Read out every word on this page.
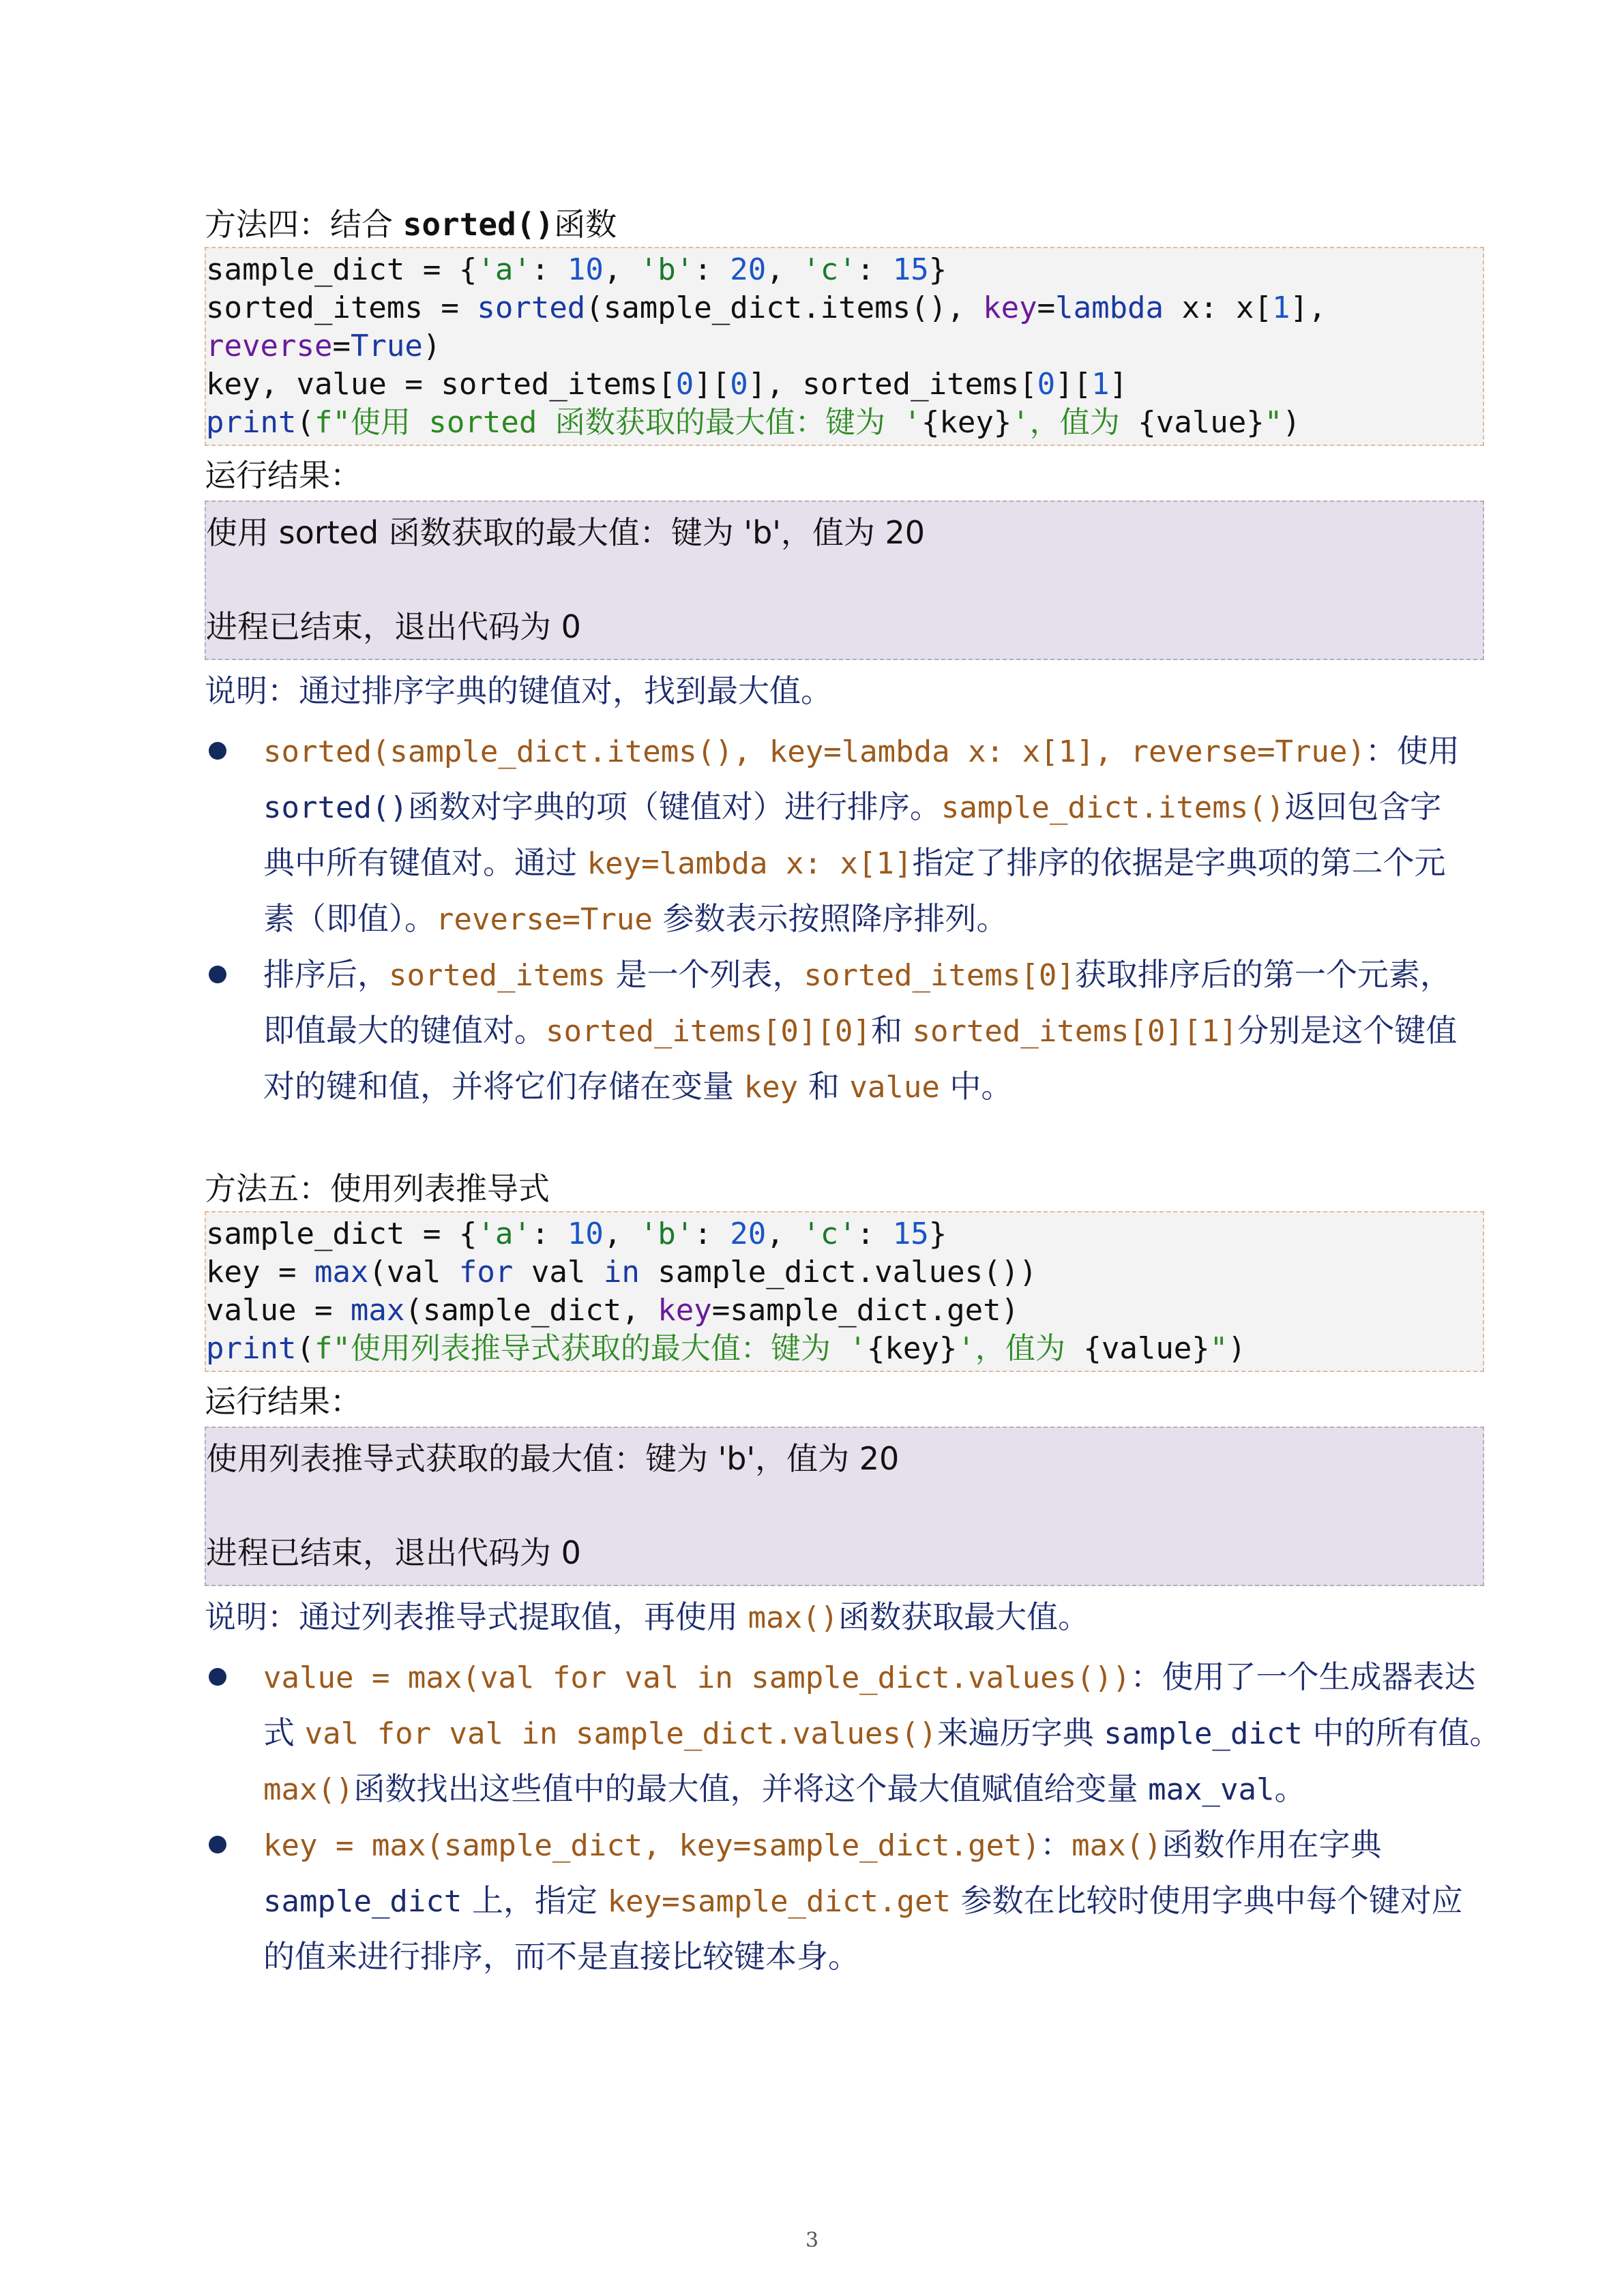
方法四：结合 sorted()函数
sample_dict = {'a': 10, 'b': 20, 'c': 15}
sorted_items = sorted(sample_dict.items(), key=lambda x: x[1],
reverse=True)
key, value = sorted_items[0][0], sorted_items[0][1]
print(f"使用 sorted 函数获取的最大值：键为 '{key}'，值为 {value}")
运行结果：
使用 sorted 函数获取的最大值：键为 'b'，值为 20
进程已结束，退出代码为 0
说明：通过排序字典的键值对，找到最大值。
sorted(sample_dict.items(), key=lambda x: x[1], reverse=True)：使用
sorted()函数对字典的项（键值对）进行排序。sample_dict.items()返回包含字
典中所有键值对。通过 key=lambda x: x[1]指定了排序的依据是字典项的第二个元
素（即值）。reverse=True 参数表示按照降序排列。
排序后，sorted_items 是一个列表，sorted_items[0]获取排序后的第一个元素，
即值最大的键值对。sorted_items[0][0]和 sorted_items[0][1]分别是这个键值
对的键和值，并将它们存储在变量 key 和 value 中。
方法五：使用列表推导式
sample_dict = {'a': 10, 'b': 20, 'c': 15}
key = max(val for val in sample_dict.values())
value = max(sample_dict, key=sample_dict.get)
print(f"使用列表推导式获取的最大值：键为 '{key}'，值为 {value}")
运行结果：
使用列表推导式获取的最大值：键为 'b'，值为 20
进程已结束，退出代码为 0
说明：通过列表推导式提取值，再使用 max()函数获取最大值。
value = max(val for val in sample_dict.values())：使用了一个生成器表达
式 val for val in sample_dict.values()来遍历字典 sample_dict 中的所有值。
max()函数找出这些值中的最大值，并将这个最大值赋值给变量 max_val。
key = max(sample_dict, key=sample_dict.get)：max()函数作用在字典
sample_dict 上，指定 key=sample_dict.get 参数在比较时使用字典中每个键对应
的值来进行排序，而不是直接比较键本身。
3
